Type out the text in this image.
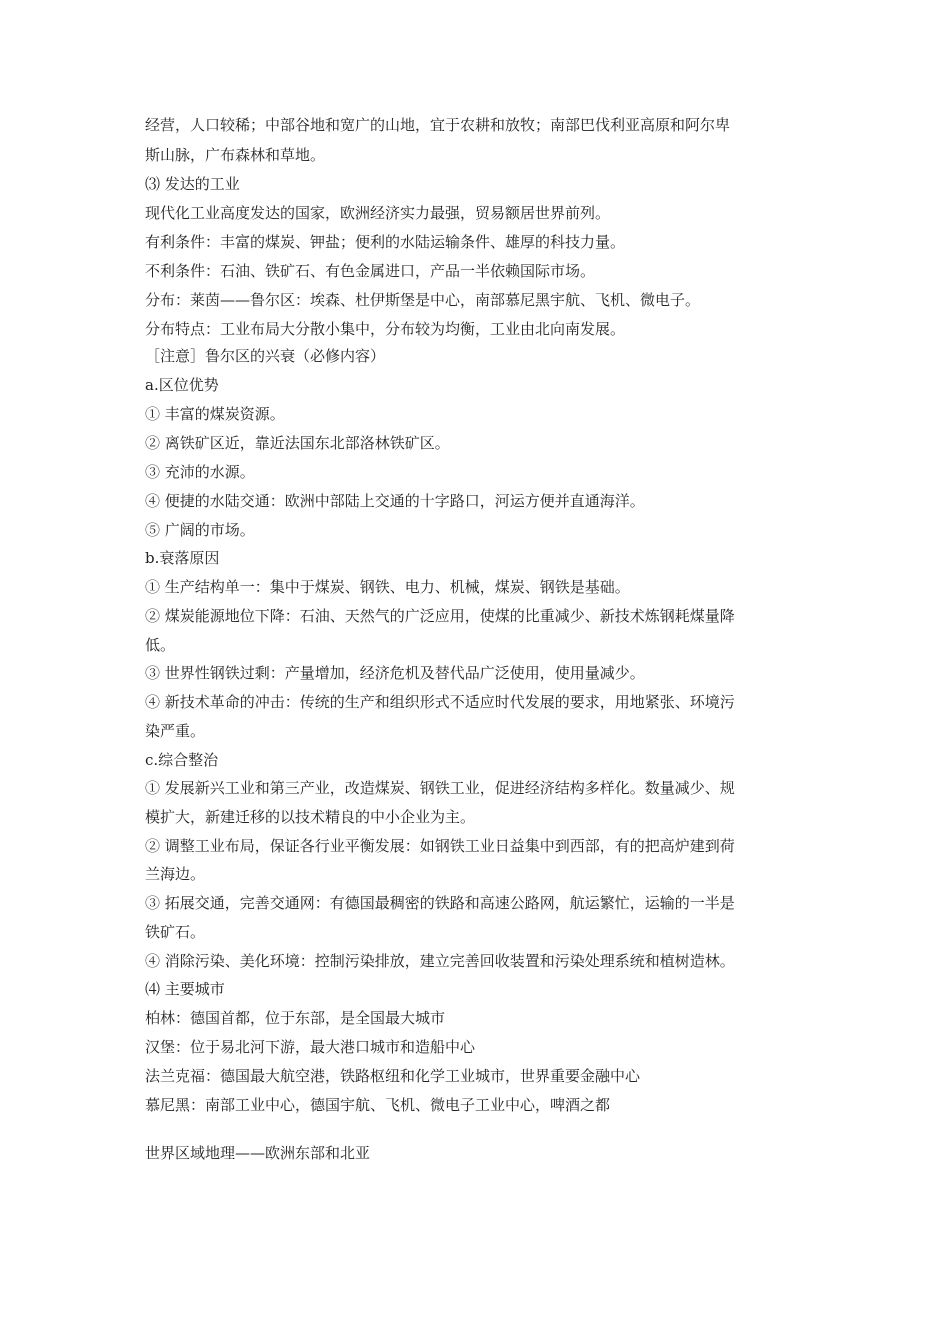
经营，人口较稀；中部谷地和宽广的山地，宜于农耕和放牧；南部巴伐利亚高原和阿尔卑
斯山脉，广布森林和草地。
⑶ 发达的工业
现代化工业高度发达的国家，欧洲经济实力最强，贸易额居世界前列。
有利条件：丰富的煤炭、钾盐；便利的水陆运输条件、雄厚的科技力量。
不利条件：石油、铁矿石、有色金属进口，产品一半依赖国际市场。
分布：莱茵——鲁尔区：埃森、杜伊斯堡是中心，南部慕尼黑宇航、飞机、微电子。
分布特点：工业布局大分散小集中，分布较为均衡，工业由北向南发展。
［注意］鲁尔区的兴衰（必修内容）
a.区位优势
① 丰富的煤炭资源。
② 离铁矿区近，靠近法国东北部洛林铁矿区。
③ 充沛的水源。
④ 便捷的水陆交通：欧洲中部陆上交通的十字路口，河运方便并直通海洋。
⑤ 广阔的市场。
b.衰落原因
① 生产结构单一：集中于煤炭、钢铁、电力、机械，煤炭、钢铁是基础。
② 煤炭能源地位下降：石油、天然气的广泛应用，使煤的比重减少、新技术炼钢耗煤量降
低。
③ 世界性钢铁过剩：产量增加，经济危机及替代品广泛使用，使用量减少。
④ 新技术革命的冲击：传统的生产和组织形式不适应时代发展的要求，用地紧张、环境污
染严重。
c.综合整治
① 发展新兴工业和第三产业，改造煤炭、钢铁工业，促进经济结构多样化。数量减少、规
模扩大，新建迁移的以技术精良的中小企业为主。
② 调整工业布局，保证各行业平衡发展：如钢铁工业日益集中到西部，有的把高炉建到荷
兰海边。
③ 拓展交通，完善交通网：有德国最稠密的铁路和高速公路网，航运繁忙，运输的一半是
铁矿石。
④ 消除污染、美化环境：控制污染排放，建立完善回收装置和污染处理系统和植树造林。
⑷ 主要城市
柏林：德国首都，位于东部，是全国最大城市
汉堡：位于易北河下游，最大港口城市和造船中心
法兰克福：德国最大航空港，铁路枢纽和化学工业城市，世界重要金融中心
慕尼黑：南部工业中心，德国宇航、飞机、微电子工业中心，啤酒之都
世界区域地理——欧洲东部和北亚
